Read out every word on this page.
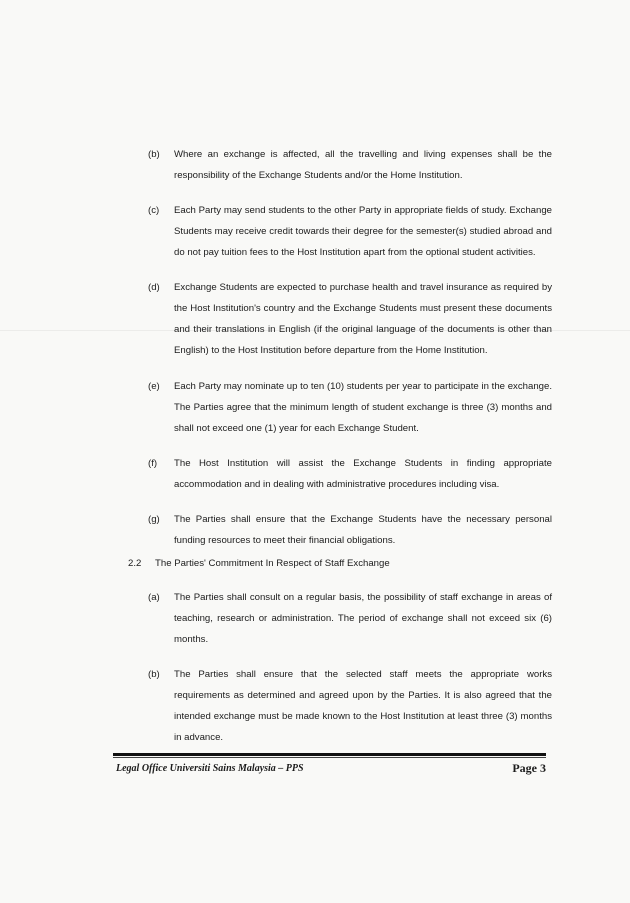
(b) Where an exchange is affected, all the travelling and living expenses shall be the responsibility of the Exchange Students and/or the Home Institution.
(c) Each Party may send students to the other Party in appropriate fields of study. Exchange Students may receive credit towards their degree for the semester(s) studied abroad and do not pay tuition fees to the Host Institution apart from the optional student activities.
(d) Exchange Students are expected to purchase health and travel insurance as required by the Host Institution's country and the Exchange Students must present these documents and their translations in English (if the original language of the documents is other than English) to the Host Institution before departure from the Home Institution.
(e) Each Party may nominate up to ten (10) students per year to participate in the exchange. The Parties agree that the minimum length of student exchange is three (3) months and shall not exceed one (1) year for each Exchange Student.
(f) The Host Institution will assist the Exchange Students in finding appropriate accommodation and in dealing with administrative procedures including visa.
(g) The Parties shall ensure that the Exchange Students have the necessary personal funding resources to meet their financial obligations.
2.2 The Parties' Commitment In Respect of Staff Exchange
(a) The Parties shall consult on a regular basis, the possibility of staff exchange in areas of teaching, research or administration. The period of exchange shall not exceed six (6) months.
(b) The Parties shall ensure that the selected staff meets the appropriate works requirements as determined and agreed upon by the Parties. It is also agreed that the intended exchange must be made known to the Host Institution at least three (3) months in advance.
Legal Office Universiti Sains Malaysia – PPS	Page 3
